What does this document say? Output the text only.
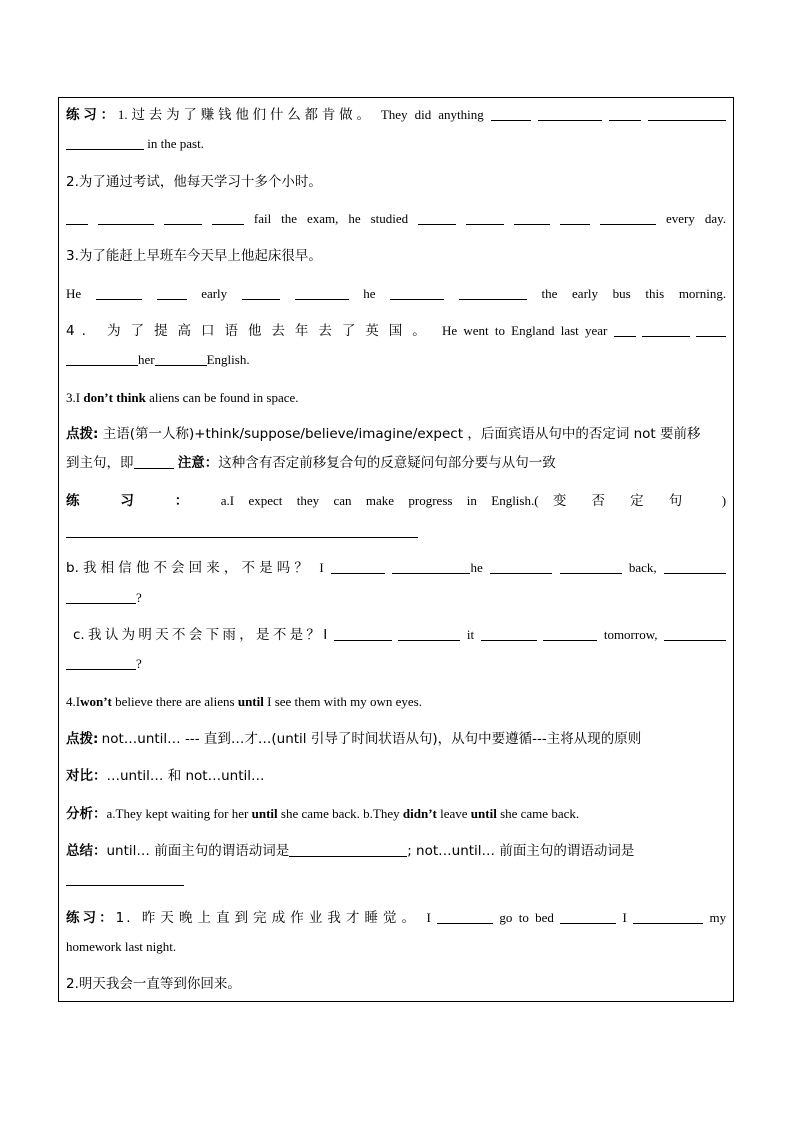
练习：1.过去为了赚钱他们什么都肯做。 They did anything

in the past.

2.为了通过考试，他每天学习十多个小时。

fail the exam, he studied	every day.

3.为了能赶上早班车今天早上他起床很早。

He	early	he	the early bus this morning.

4. 为了提高口语他去年去了英国。 He went to England last year

her	English.

3.I don’t think aliens can be found in space.

点拨: 主语(第一人称)+think/suppose/believe/imagine/expect ，后面宾语从句中的否定词 not 要前移

到主句，即	注意：这种含有否定前移复合句的反意疑问句部分要与从句一致

练 习 ： a.I expect they can make progress in English.( 变否定句 )

b.我相信他不会回来，不是吗？ I	he	back,

?

c.我认为明天不会下雨，是不是？I	it	tomorrow,

?

4.Iwon’t believe there are aliens until I see them with my own eyes.

点拨: not…until… --- 直到…才…(until 引导了时间状语从句)，从句中要遵循---主将从现的原则

对比：…until… 和 not…until…

分析：a.They kept waiting for her until she came back. b.They didn’t leave until she came back.

总结：until… 前面主句的谓语动词是	; not…until… 前面主句的谓语动词是

练习：1. 昨天晚上直到完成作业我才睡觉。 I	go to bed	I	my

homework last night.

2.明天我会一直等到你回来。
